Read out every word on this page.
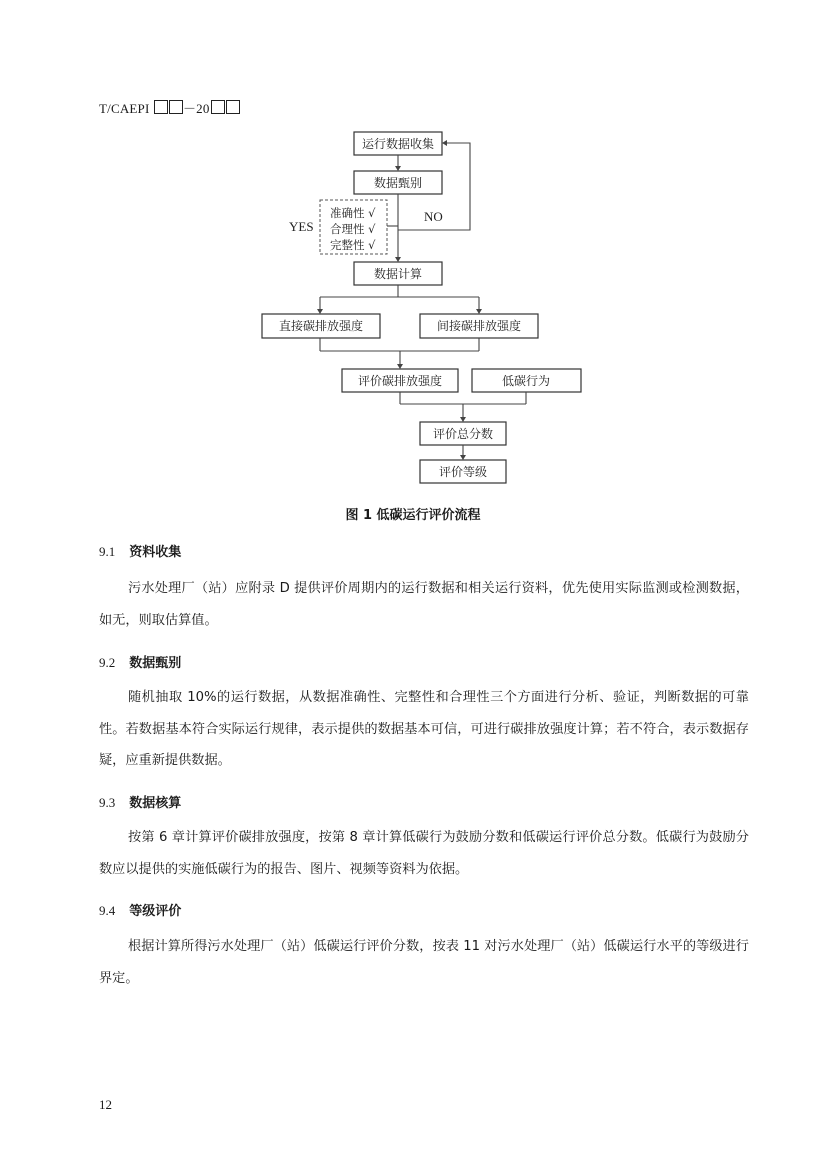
T/CAEPI	－20
运行数据收集
数据甄别
准确性 √
合理性 √
完整性 √
YES
NO
数据计算
直接碳排放强度	间接碳排放强度
评价碳排放强度	低碳行为
评价总分数
评价等级
图 1 低碳运行评价流程
9.1 资料收集
污水处理厂（站）应附录 D 提供评价周期内的运行数据和相关运行资料，优先使用实际监测或检测数据，如无，则取估算值。
9.2 数据甄别
随机抽取 10%的运行数据，从数据准确性、完整性和合理性三个方面进行分析、验证，判断数据的可靠性。若数据基本符合实际运行规律，表示提供的数据基本可信，可进行碳排放强度计算；若不符合，表示数据存疑，应重新提供数据。
9.3 数据核算
按第 6 章计算评价碳排放强度，按第 8 章计算低碳行为鼓励分数和低碳运行评价总分数。低碳行为鼓励分数应以提供的实施低碳行为的报告、图片、视频等资料为依据。
9.4 等级评价
根据计算所得污水处理厂（站）低碳运行评价分数，按表 11 对污水处理厂（站）低碳运行水平的等级进行界定。
12
